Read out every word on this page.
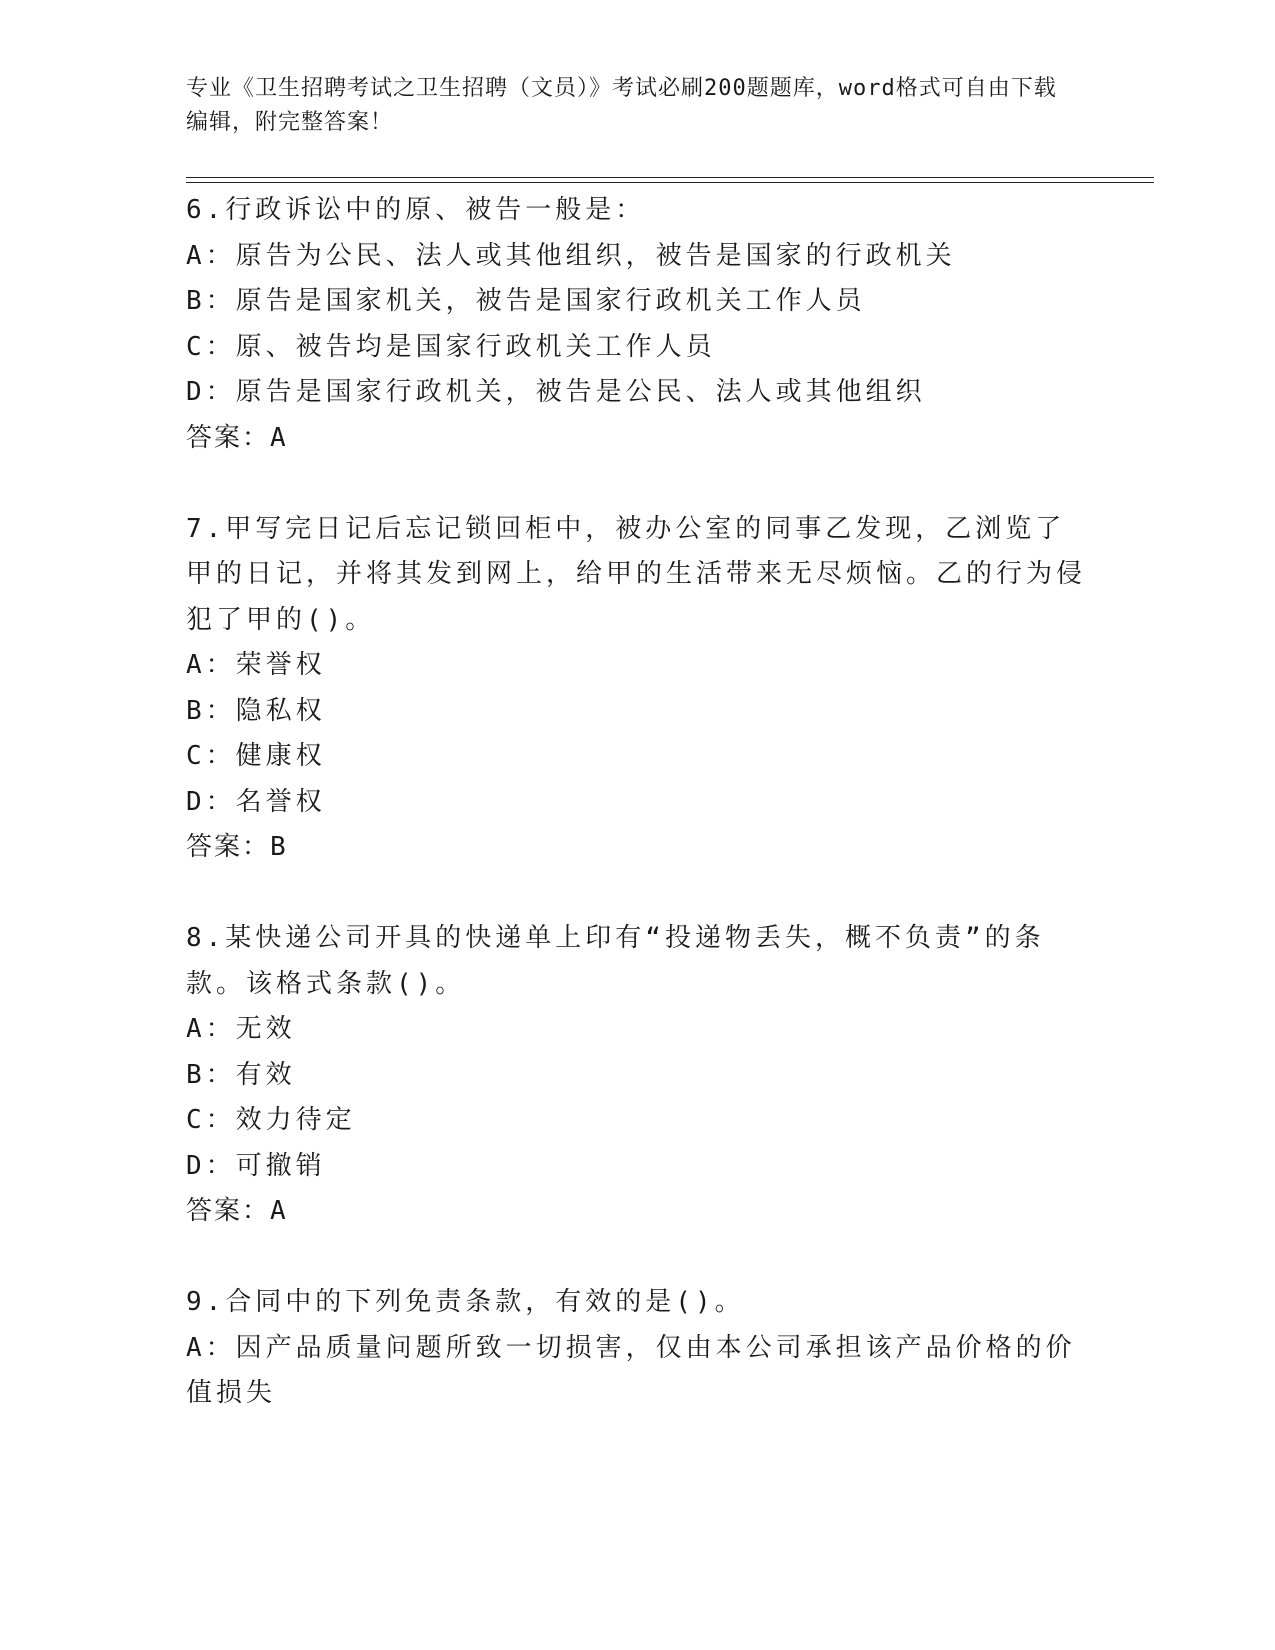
专业《卫生招聘考试之卫生招聘（文员）》考试必刷200题题库，word格式可自由下载编辑，附完整答案！
6.行政诉讼中的原、被告一般是：
A：原告为公民、法人或其他组织，被告是国家的行政机关
B：原告是国家机关，被告是国家行政机关工作人员
C：原、被告均是国家行政机关工作人员
D：原告是国家行政机关，被告是公民、法人或其他组织
答案：A
7.甲写完日记后忘记锁回柜中，被办公室的同事乙发现，乙浏览了甲的日记，并将其发到网上，给甲的生活带来无尽烦恼。乙的行为侵犯了甲的()。
A：荣誉权
B：隐私权
C：健康权
D：名誉权
答案：B
8.某快递公司开具的快递单上印有“投递物丢失，概不负责”的条款。该格式条款()。
A：无效
B：有效
C：效力待定
D：可撤销
答案：A
9.合同中的下列免责条款，有效的是()。
A：因产品质量问题所致一切损害，仅由本公司承担该产品价格的价值损失
